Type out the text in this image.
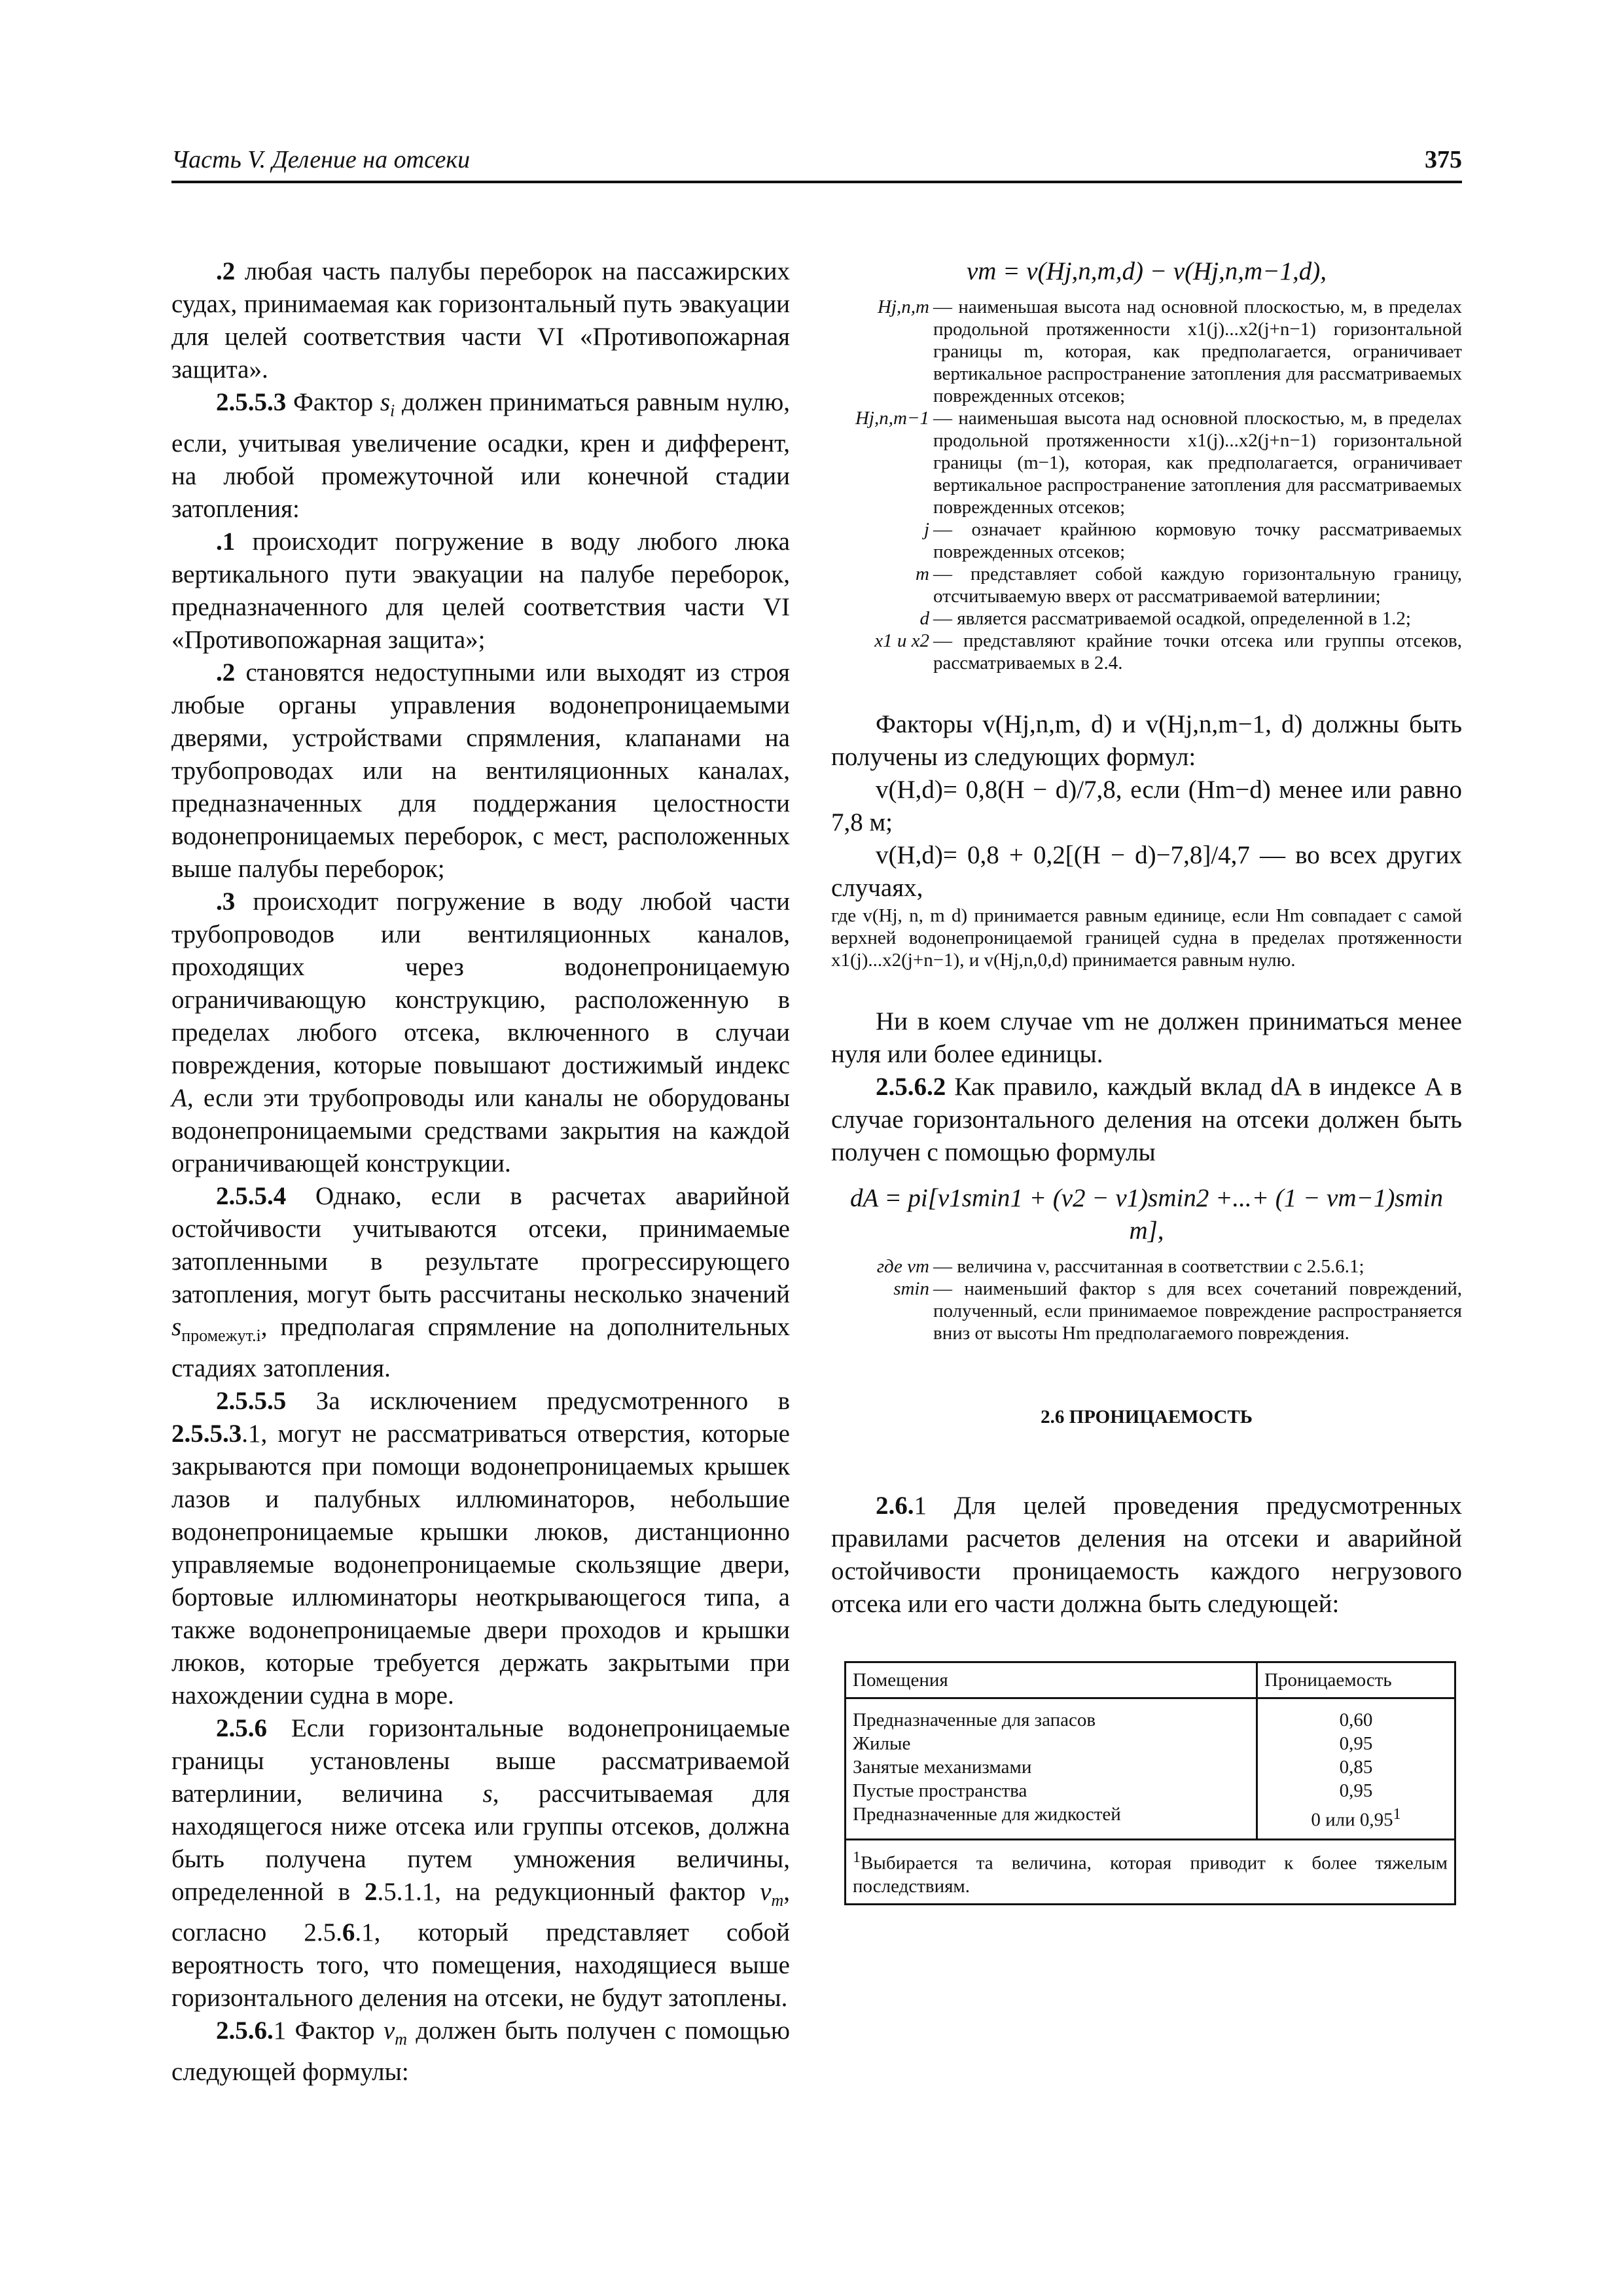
Часть V. Деление на отсеки	375

.2 любая часть палубы переборок на пассажирских судах, принимаемая как горизонтальный путь эвакуации для целей соответствия части VI «Противопожарная защита».

2.5.5.3 Фактор $s_i$ должен приниматься равным нулю, если, учитывая увеличение осадки, крен и дифферент, на любой промежуточной или конечной стадии затопления:

.1 происходит погружение в воду любого люка вертикального пути эвакуации на палубе переборок, предназначенного для целей соответствия части VI «Противопожарная защита»;

.2 становятся недоступными или выходят из строя любые органы управления водонепроницаемыми дверями, устройствами спрямления, клапанами на трубопроводах или на вентиляционных каналах, предназначенных для поддержания целостности водонепроницаемых переборок, с мест, расположенных выше палубы переборок;

.3 происходит погружение в воду любой части трубопроводов или вентиляционных каналов, проходящих через водонепроницаемую ограничивающую конструкцию, расположенную в пределах любого отсека, включенного в случаи повреждения, которые повышают достижимый индекс A, если эти трубопроводы или каналы не оборудованы водонепроницаемыми средствами закрытия на каждой ограничивающей конструкции.

2.5.5.4 Однако, если в расчетах аварийной остойчивости учитываются отсеки, принимаемые затопленными в результате прогрессирующего затопления, могут быть рассчитаны несколько значений $s_{промежут.i}$, предполагая спрямление на дополнительных стадиях затопления.

2.5.5.5 За исключением предусмотренного в 2.5.5.3.1, могут не рассматриваться отверстия, которые закрываются при помощи водонепроницаемых крышек лазов и палубных иллюминаторов, небольшие водонепроницаемые крышки люков, дистанционно управляемые водонепроницаемые скользящие двери, бортовые иллюминаторы неоткрывающегося типа, а также водонепроницаемые двери проходов и крышки люков, которые требуется держать закрытыми при нахождении судна в море.

2.5.6 Если горизонтальные водонепроницаемые границы установлены выше рассматриваемой ватерлинии, величина s, рассчитываемая для находящегося ниже отсека или группы отсеков, должна быть получена путем умножения величины, определенной в 2.5.1.1, на редукционный фактор $v_m$, согласно 2.5.6.1, который представляет собой вероятность того, что помещения, находящиеся выше горизонтального деления на отсеки, не будут затоплены.

2.5.6.1 Фактор $v_m$ должен быть получен с помощью следующей формулы:

vm = v(Hj,n,m,d) − v(Hj,n,m−1,d),

Hj,n,m	— наименьшая высота над основной плоскостью, м, в пределах продольной протяженности x1(j)...x2(j+n−1) горизонтальной границы m, которая, как предполагается, ограничивает вертикальное распространение затопления для рассматриваемых поврежденных отсеков;
Hj,n,m−1	— наименьшая высота над основной плоскостью, м, в пределах продольной протяженности x1(j)...x2(j+n−1) горизонтальной границы (m−1), которая, как предполагается, ограничивает вертикальное распространение затопления для рассматриваемых поврежденных отсеков;
j	— означает крайнюю кормовую точку рассматриваемых поврежденных отсеков;
m	— представляет собой каждую горизонтальную границу, отсчитываемую вверх от рассматриваемой ватерлинии;
d	— является рассматриваемой осадкой, определенной в 1.2;
x1 и x2	— представляют крайние точки отсека или группы отсеков, рассматриваемых в 2.4.

Факторы v(Hj,n,m, d) и v(Hj,n,m−1, d) должны быть получены из следующих формул:

v(H,d)= 0,8(H − d)/7,8, если (Hm−d) менее или равно 7,8 м;

v(H,d)= 0,8 + 0,2[(H − d)−7,8]/4,7 — во всех других случаях,

где v(Hj, n, m d) принимается равным единице, если Hm совпадает с самой верхней водонепроницаемой границей судна в пределах протяженности x1(j)...x2(j+n−1), и v(Hj,n,0,d) принимается равным нулю.

Ни в коем случае vm не должен приниматься менее нуля или более единицы.

2.5.6.2 Как правило, каждый вклад dA в индексе A в случае горизонтального деления на отсеки должен быть получен с помощью формулы

dA = pi[v1smin1 + (v2 − v1)smin2 +...+ (1 − vm−1)smin m],

где vm	— величина v, рассчитанная в соответствии с 2.5.6.1;
smin	— наименьший фактор s для всех сочетаний повреждений, полученный, если принимаемое повреждение распространяется вниз от высоты Hm предполагаемого повреждения.
2.6 ПРОНИЦАЕМОСТЬ

2.6.1 Для целей проведения предусмотренных правилами расчетов деления на отсеки и аварийной остойчивости проницаемость каждого негрузового отсека или его части должна быть следующей:

Помещения	Проницаемость
Предназначенные для запасов	0,60
Жилые	0,95
Занятые механизмами	0,85
Пустые пространства	0,95
Предназначенные для жидкостей	0 или 0,95$^1$
$^1$Выбирается та величина, которая приводит к более тяжелым последствиям.	
